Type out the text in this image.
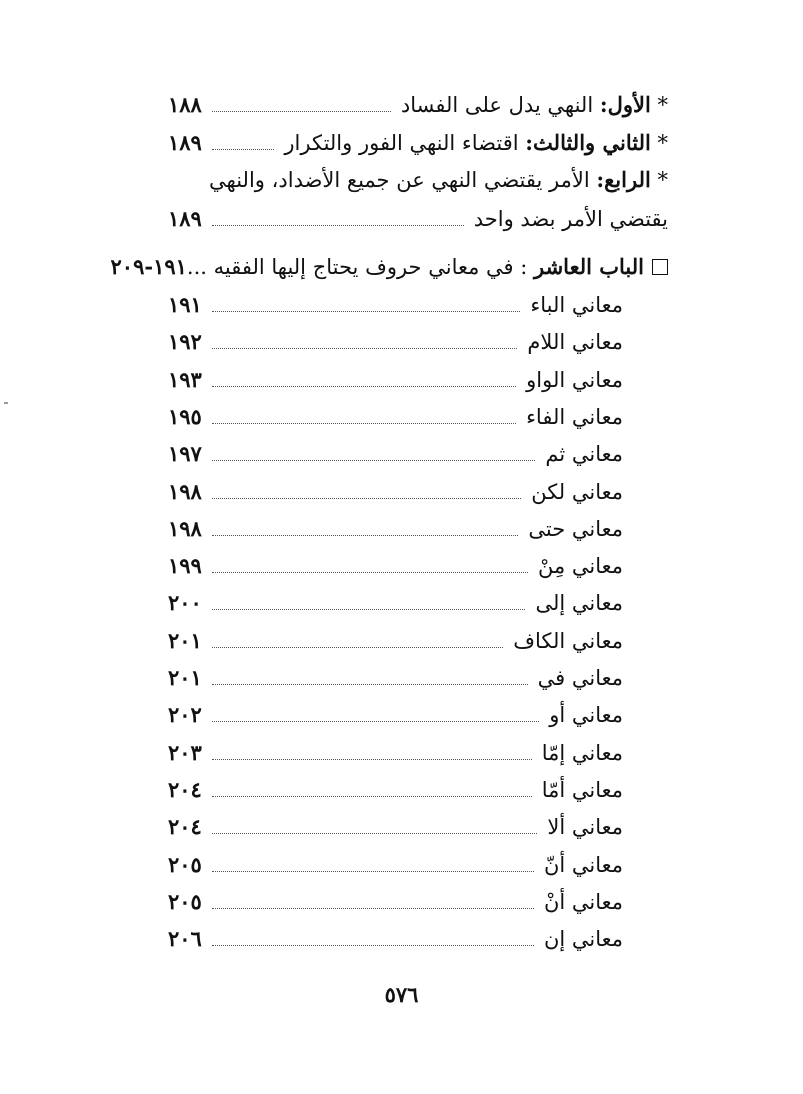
* الأول: النهي يدل على الفساد
١٨٨
* الثاني والثالث: اقتضاء النهي الفور والتكرار
١٨٩
* الرابع: الأمر يقتضي النهي عن جميع الأضداد، والنهي
يقتضي الأمر بضد واحد
١٨٩
الباب العاشر : في معاني حروف يحتاج إليها الفقيه ...
١٩١-٢٠٩
معاني الباء
١٩١
معاني اللام
١٩٢
معاني الواو
١٩٣
معاني الفاء
١٩٥
معاني ثم
١٩٧
معاني لكن
١٩٨
معاني حتى
١٩٨
معاني مِنْ
١٩٩
معاني إلى
٢٠٠
معاني الكاف
٢٠١
معاني في
٢٠١
معاني أو
٢٠٢
معاني إمّا
٢٠٣
معاني أمّا
٢٠٤
معاني ألا
٢٠٤
معاني أنّ
٢٠٥
معاني أنْ
٢٠٥
معاني إن
٢٠٦
٥٧٦
